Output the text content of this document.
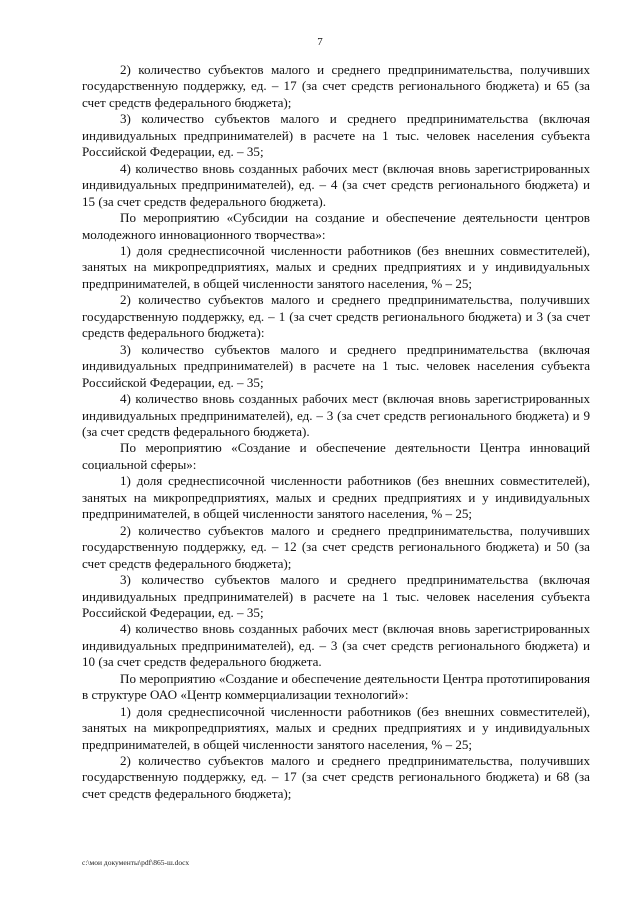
7

2) количество субъектов малого и среднего предпринимательства, получивших государственную поддержку, ед. – 17 (за счет средств регионального бюджета) и 65 (за счет средств федерального бюджета);

3) количество субъектов малого и среднего предпринимательства (включая индивидуальных предпринимателей) в расчете на 1 тыс. человек населения субъекта Российской Федерации, ед. – 35;

4) количество вновь созданных рабочих мест (включая вновь зарегистрированных индивидуальных предпринимателей), ед. – 4 (за счет средств регионального бюджета) и 15 (за счет средств федерального бюджета).

По мероприятию «Субсидии на создание и обеспечение деятельности центров молодежного инновационного творчества»:

1) доля среднесписочной численности работников (без внешних совместителей), занятых на микропредприятиях, малых и средних предприятиях и у индивидуальных предпринимателей, в общей численности занятого населения, % – 25;

2) количество субъектов малого и среднего предпринимательства, получивших государственную поддержку, ед. – 1 (за счет средств регионального бюджета) и 3 (за счет средств федерального бюджета):

3) количество субъектов малого и среднего предпринимательства (включая индивидуальных предпринимателей) в расчете на 1 тыс. человек населения субъекта Российской Федерации, ед. – 35;

4) количество вновь созданных рабочих мест (включая вновь зарегистрированных индивидуальных предпринимателей), ед. – 3 (за счет средств регионального бюджета) и 9 (за счет средств федерального бюджета).

По мероприятию «Создание и обеспечение деятельности Центра инноваций социальной сферы»:

1) доля среднесписочной численности работников (без внешних совместителей), занятых на микропредприятиях, малых и средних предприятиях и у индивидуальных предпринимателей, в общей численности занятого населения, % – 25;

2) количество субъектов малого и среднего предпринимательства, получивших государственную поддержку, ед. – 12 (за счет средств регионального бюджета) и 50 (за счет средств федерального бюджета);

3) количество субъектов малого и среднего предпринимательства (включая индивидуальных предпринимателей) в расчете на 1 тыс. человек населения субъекта Российской Федерации, ед. – 35;

4) количество вновь созданных рабочих мест (включая вновь зарегистрированных индивидуальных предпринимателей), ед. – 3 (за счет средств регионального бюджета) и 10 (за счет средств федерального бюджета.

По мероприятию «Создание и обеспечение деятельности Центра прототипирования в структуре ОАО «Центр коммерциализации технологий»:

1) доля среднесписочной численности работников (без внешних совместителей), занятых на микропредприятиях, малых и средних предприятиях и у индивидуальных предпринимателей, в общей численности занятого населения, % – 25;

2) количество субъектов малого и среднего предпринимательства, получивших государственную поддержку, ед. – 17 (за счет средств регионального бюджета) и 68 (за счет средств федерального бюджета);

c:\мои документы\pdf\865-ш.docx
